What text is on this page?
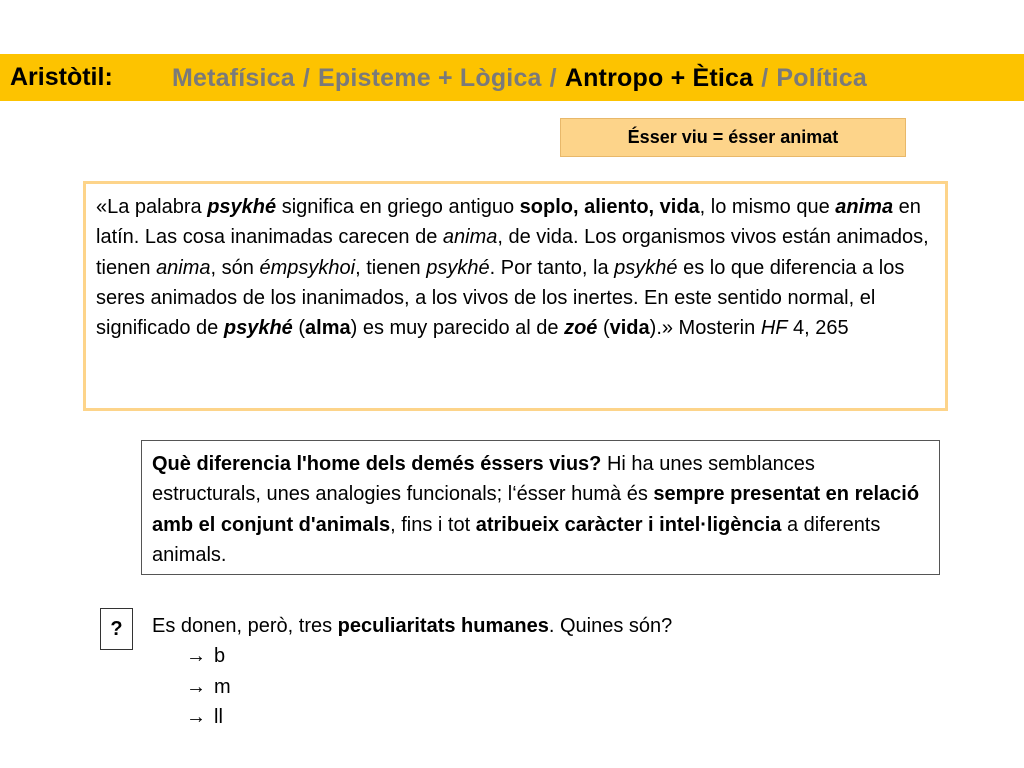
Aristòtil: Metafísica / Episteme + Lògica / Antropo + Ètica / Política
Ésser viu = ésser animat
«La palabra psykhé significa en griego antiguo soplo, aliento, vida, lo mismo que anima en latín. Las cosa inanimadas carecen de anima, de vida. Los organismos vivos están animados, tienen anima, són émpsykhoi, tienen psykhé. Por tanto, la psykhé es lo que diferencia a los seres animados de los inanimados, a los vivos de los inertes. En este sentido normal, el significado de psykhé (alma) es muy parecido al de zoé (vida).» Mosterin HF 4, 265
Què diferencia l'home dels demés éssers vius? Hi ha unes semblances estructurals, unes analogies funcionals; l‘ésser humà és sempre presentat en relació amb el conjunt d'animals, fins i tot atribueix caràcter i intel·ligència a diferents animals.
?	Es donen, però, tres peculiaritats humanes. Quines són?
→ b
→ m
→ ll
